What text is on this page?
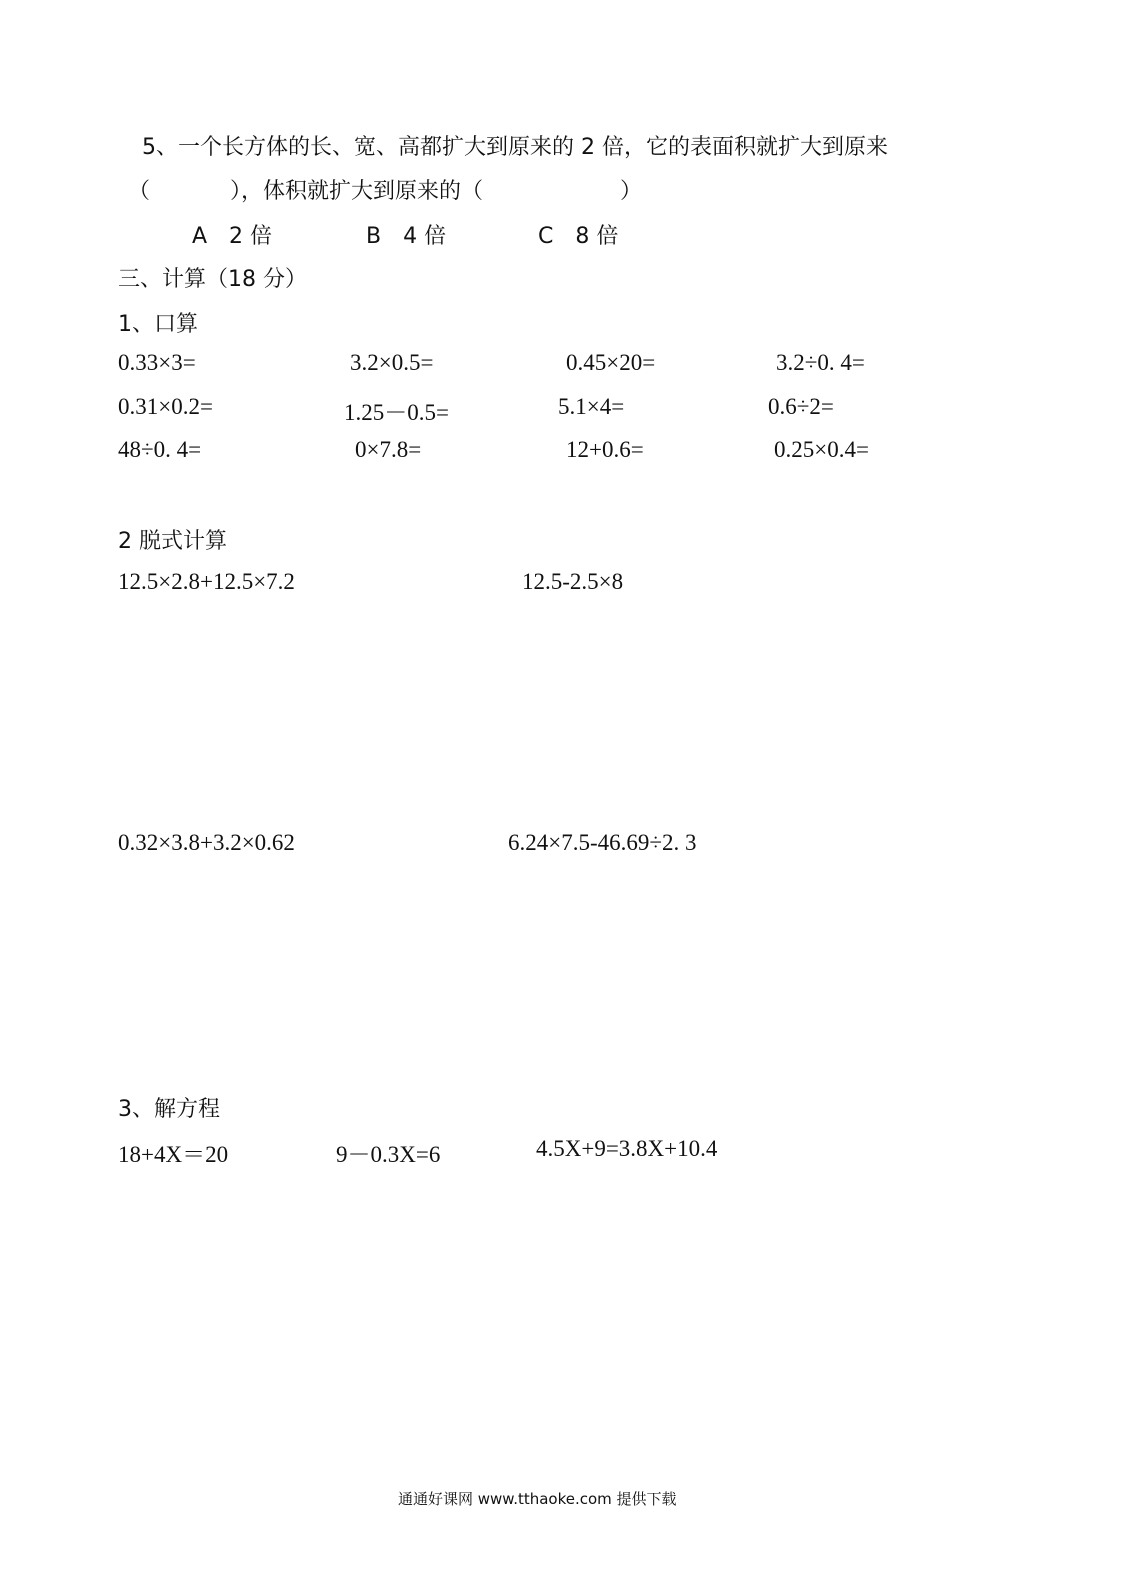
5、一个长方体的长、宽、高都扩大到原来的 2 倍，它的表面积就扩大到原来
（	），体积就扩大到原来的（	）
A　2 倍	B　4 倍	C　8 倍
三、计算（18 分）
1、口算
0.33×3=	3.2×0.5=	0.45×20=	3.2÷0. 4=
0.31×0.2=	1.25－0.5=	5.1×4=	0.6÷2=
48÷0. 4=	0×7.8=	12+0.6=	0.25×0.4=
2 脱式计算
12.5×2.8+12.5×7.2	12.5-2.5×8
0.32×3.8+3.2×0.62	6.24×7.5-46.69÷2. 3
3、解方程
18+4X＝20	9－0.3X=6	4.5X+9=3.8X+10.4
通通好课网 www.tthaoke.com 提供下载
